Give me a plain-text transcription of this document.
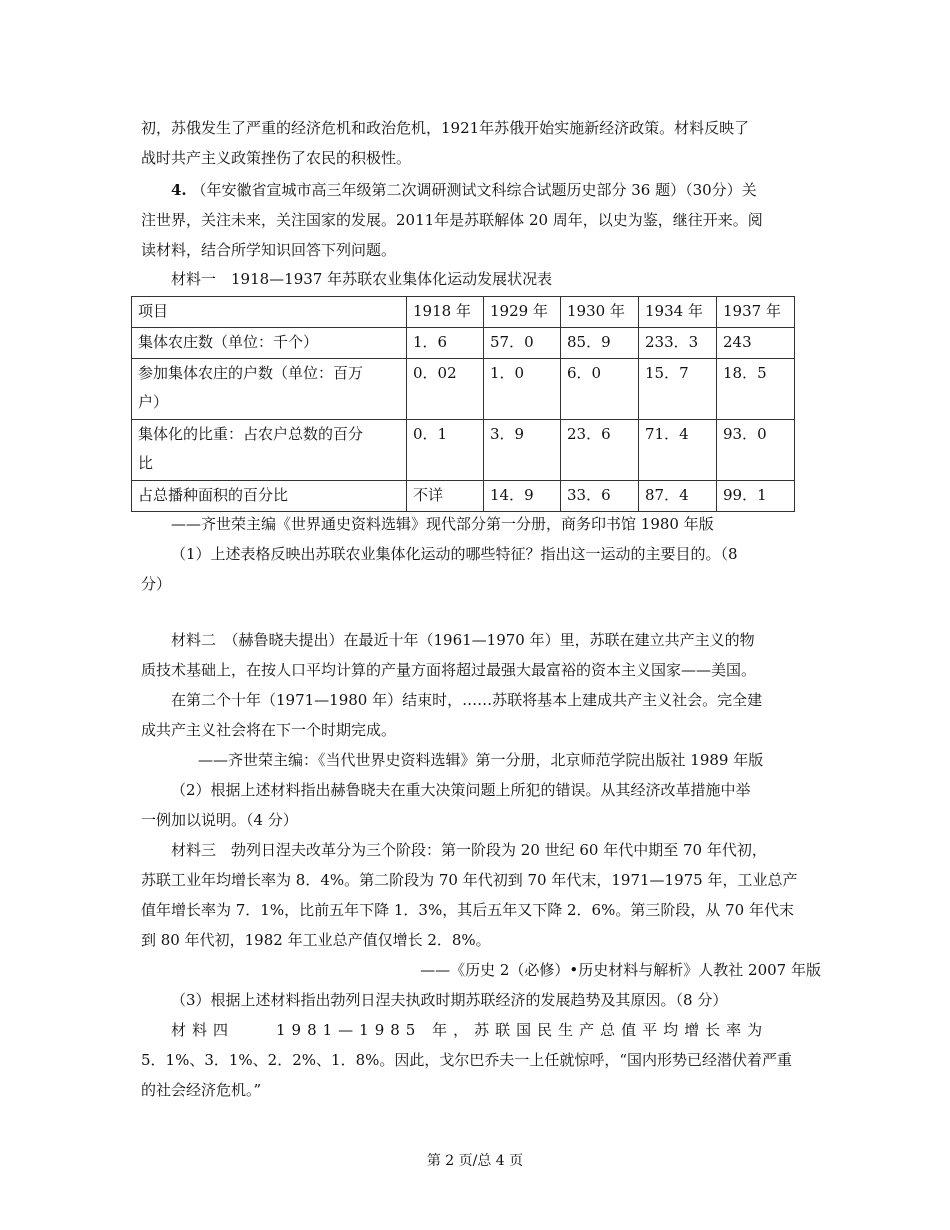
初，苏俄发生了严重的经济危机和政治危机，1921年苏俄开始实施新经济政策。材料反映了
战时共产主义政策挫伤了农民的积极性。
4. （年安徽省宣城市高三年级第二次调研测试文科综合试题历史部分 36 题）（30分）关
注世界，关注未来，关注国家的发展。2011年是苏联解体 20 周年，以史为鉴，继往开来。阅
读材料，结合所学知识回答下列问题。
材料一　1918—1937 年苏联农业集体化运动发展状况表
项目	1918 年	1929 年	1930 年	1934 年	1937 年
集体农庄数（单位：千个）	1．6	57．0	85．9	233．3	243

参加集体农庄的户数（单位：百万
户）	0．02	1．0	6．0	15．7	18．5

集体化的比重：占农户总数的百分
比	0．1	3．9	23．6	71．4	93．0
占总播种面积的百分比	不详	14．9	33．6	87．4	99．1
——齐世荣主编《世界通史资料选辑》现代部分第一分册，商务印书馆 1980 年版
（1）上述表格反映出苏联农业集体化运动的哪些特征？指出这一运动的主要目的。（8
分）
材料二　（赫鲁晓夫提出）在最近十年（1961—1970 年）里，苏联在建立共产主义的物
质技术基础上，在按人口平均计算的产量方面将超过最强大最富裕的资本主义国家——美国。
在第二个十年（1971—1980 年）结束时，……苏联将基本上建成共产主义社会。完全建
成共产主义社会将在下一个时期完成。
——齐世荣主编：《当代世界史资料选辑》第一分册，北京师范学院出版社 1989 年版
（2）根据上述材料指出赫鲁晓夫在重大决策问题上所犯的错误。从其经济改革措施中举
一例加以说明。（4 分）
材料三　勃列日涅夫改革分为三个阶段：第一阶段为 20 世纪 60 年代中期至 70 年代初，
苏联工业年均增长率为 8．4%。第二阶段为 70 年代初到 70 年代末，1971—1975 年，工业总产
值年增长率为 7．1%，比前五年下降 1．3%，其后五年又下降 2．6%。第三阶段，从 70 年代末
到 80 年代初，1982 年工业总产值仅增长 2．8%。
——《历史 2（必修）•历史材料与解析》人教社 2007 年版
（3）根据上述材料指出勃列日涅夫执政时期苏联经济的发展趋势及其原因。（8 分）
材料四　　1981—1985 年，苏联国民生产总值平均增长率为
5．1%、3．1%、2．2%、1．8%。因此，戈尔巴乔夫一上任就惊呼，“国内形势已经潜伏着严重
的社会经济危机。”
第 2 页/总 4 页
